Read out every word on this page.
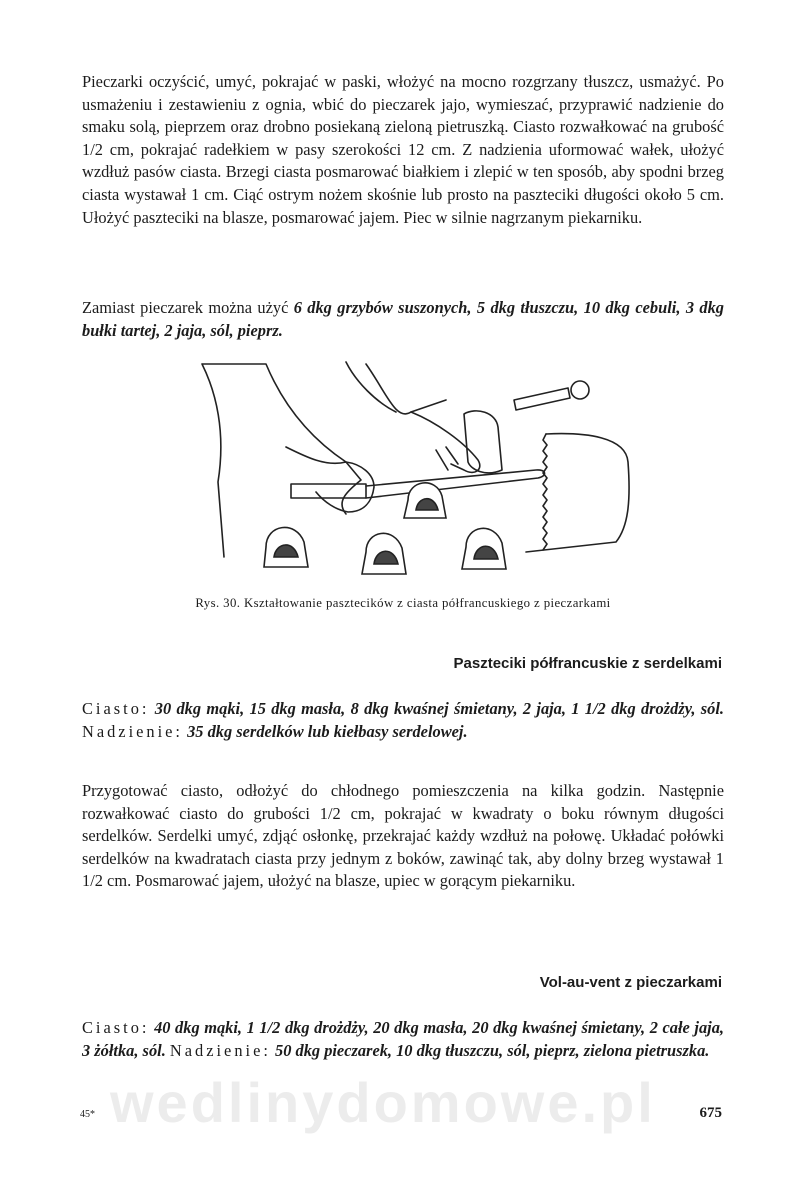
Pieczarki oczyścić, umyć, pokrajać w paski, włożyć na mocno rozgrzany tłuszcz, usmażyć. Po usmażeniu i zestawieniu z ognia, wbić do pieczarek jajo, wymieszać, przyprawić nadzienie do smaku solą, pieprzem oraz drobno posiekaną zieloną pietruszką. Ciasto rozwałkować na grubość 1/2 cm, pokrajać radełkiem w pasy szerokości 12 cm. Z nadzienia uformować wałek, ułożyć wzdłuż pasów ciasta. Brzegi ciasta posmarować białkiem i zlepić w ten sposób, aby spodni brzeg ciasta wystawał 1 cm. Ciąć ostrym nożem skośnie lub prosto na paszteciki długości około 5 cm. Ułożyć paszteciki na blasze, posmarować jajem. Piec w silnie nagrzanym piekarniku.

Zamiast pieczarek można użyć 6 dkg grzybów suszonych, 5 dkg tłuszczu, 10 dkg cebuli, 3 dkg bułki tartej, 2 jaja, sól, pieprz.

Rys. 30. Kształtowanie pasztecików z ciasta półfrancuskiego z pieczarkami

Paszteciki półfrancuskie z serdelkami

Ciasto: 30 dkg mąki, 15 dkg masła, 8 dkg kwaśnej śmietany, 2 jaja, 1 1/2 dkg drożdży, sól. Nadzienie: 35 dkg serdelków lub kiełbasy serdelowej.

Przygotować ciasto, odłożyć do chłodnego pomieszczenia na kilka godzin. Następnie rozwałkować ciasto do grubości 1/2 cm, pokrajać w kwadraty o boku równym długości serdelków. Serdelki umyć, zdjąć osłonkę, przekrajać każdy wzdłuż na połowę. Układać połówki serdelków na kwadratach ciasta przy jednym z boków, zawinąć tak, aby dolny brzeg wystawał 1 1/2 cm. Posmarować jajem, ułożyć na blasze, upiec w gorącym piekarniku.

Vol-au-vent z pieczarkami

Ciasto: 40 dkg mąki, 1 1/2 dkg drożdży, 20 dkg masła, 20 dkg kwaśnej śmietany, 2 całe jaja, 3 żółtka, sól. Nadzienie: 50 dkg pieczarek, 10 dkg tłuszczu, sól, pieprz, zielona pietruszka.

45*	675
wedlinydomowe.pl
